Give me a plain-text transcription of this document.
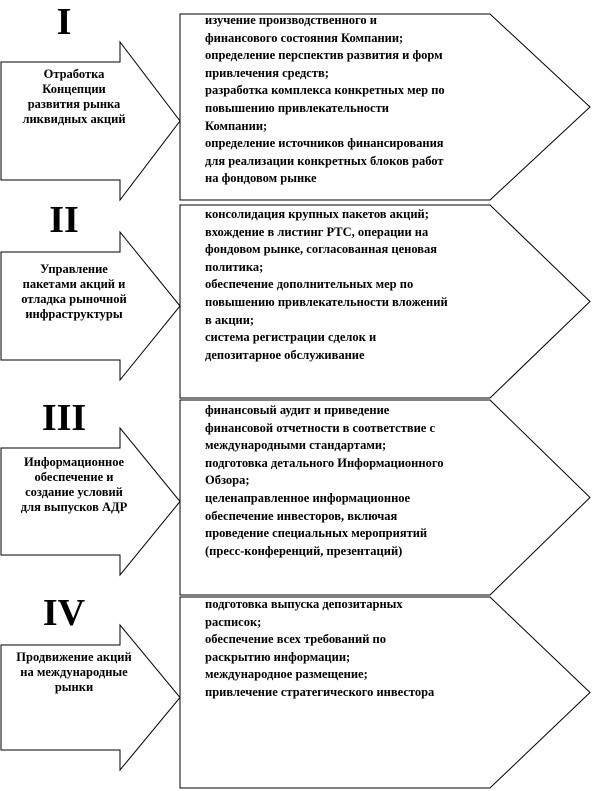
I
Отработка
Концепции
развития рынка
ликвидных акций
изучение производственного и
финансового состояния Компании;
определение перспектив развития и форм
привлечения средств;
разработка комплекса конкретных мер по
повышению привлекательности
Компании;
определение источников финансирования
для реализации конкретных блоков работ
на фондовом рынке
II
Управление
пакетами акций и
отладка рыночной
инфраструктуры
консолидация крупных пакетов акций;
вхождение в листинг РТС, операции на
фондовом рынке, согласованная ценовая
политика;
обеспечение дополнительных мер по
повышению привлекательности вложений
в акции;
система регистрации сделок и
депозитарное обслуживание
III
Информационное
обеспечение и
создание условий
для выпусков АДР
финансовый аудит и приведение
финансовой отчетности в соответствие с
международными стандартами;
подготовка детального Информационного
Обзора;
целенаправленное информационное
обеспечение инвесторов, включая
проведение специальных мероприятий
(пресс-конференций, презентаций)
IV
Продвижение акций
на международные
рынки
подготовка выпуска депозитарных
расписок;
обеспечение всех требований по
раскрытию информации;
международное размещение;
привлечение стратегического инвестора
